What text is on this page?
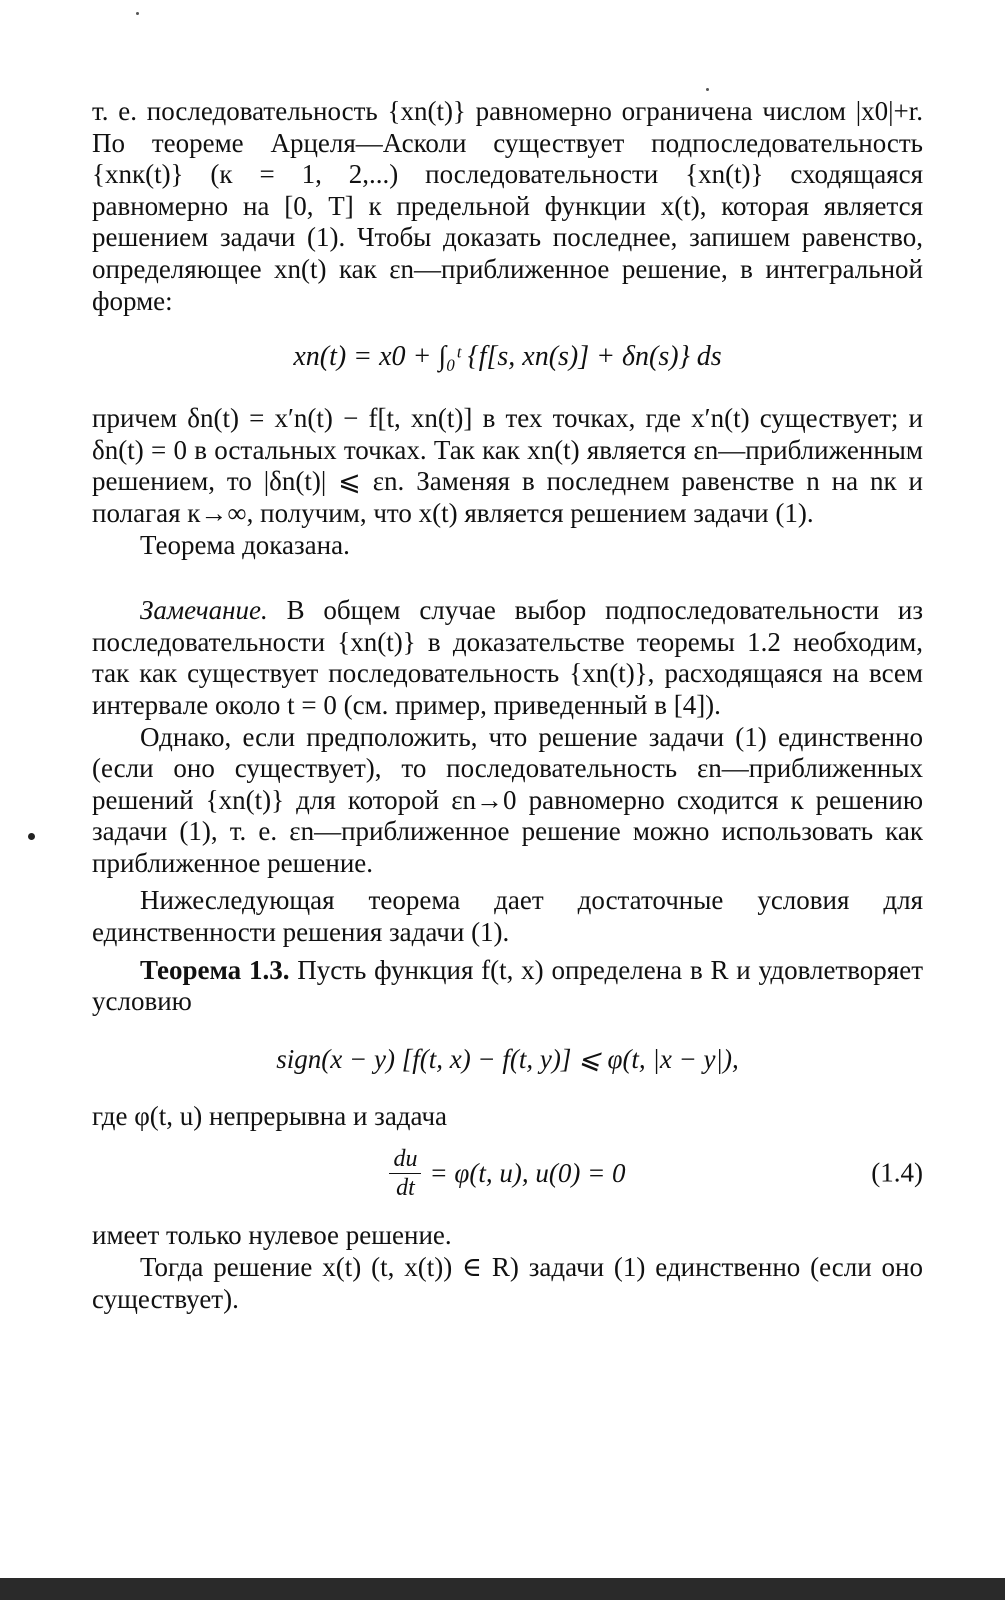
т. е. последовательность {xn(t)} равномерно ограничена числом |x0|+r. По теореме Арцеля—Асколи существует подпоследовательность {xnк(t)} (к = 1, 2,...) последовательности {xn(t)} сходящаяся равномерно на [0, T] к предельной функции x(t), которая является решением задачи (1). Чтобы доказать последнее, запишем равенство, определяющее xn(t) как εn—приближенное решение, в интегральной форме:

xn(t) = x0 + ∫₀ᵗ {f[s, xn(s)] + δn(s)} ds

причем δn(t) = x′n(t) − f[t, xn(t)] в тех точках, где x′n(t) существует; и δn(t) = 0 в остальных точках. Так как xn(t) является εn—приближенным решением, то |δn(t)| ⩽ εn. Заменяя в последнем равенстве n на nк и полагая к→∞, получим, что x(t) является решением задачи (1).

Теорема доказана.

Замечание. В общем случае выбор подпоследовательности из последовательности {xn(t)} в доказательстве теоремы 1.2 необходим, так как существует последовательность {xn(t)}, расходящаяся на всем интервале около t = 0 (см. пример, приведенный в [4]).

Однако, если предположить, что решение задачи (1) единственно (если оно существует), то последовательность εn—приближенных решений {xn(t)} для которой εn→0 равномерно сходится к решению задачи (1), т. е. εn—приближенное решение можно использовать как приближенное решение.

Нижеследующая теорема дает достаточные условия для единственности решения задачи (1).

Теорема 1.3. Пусть функция f(t, x) определена в R и удовлетворяет условию

sign(x − y) [f(t, x) − f(t, y)] ⩽ φ(t, |x − y|),

где φ(t, u) непрерывна и задача

$\frac{du}{dt} = \varphi(t$, u), u(0) = 0	(1.4)

имеет только нулевое решение.

Тогда решение x(t) (t, x(t)) ∈ R) задачи (1) единственно (если оно существует).
